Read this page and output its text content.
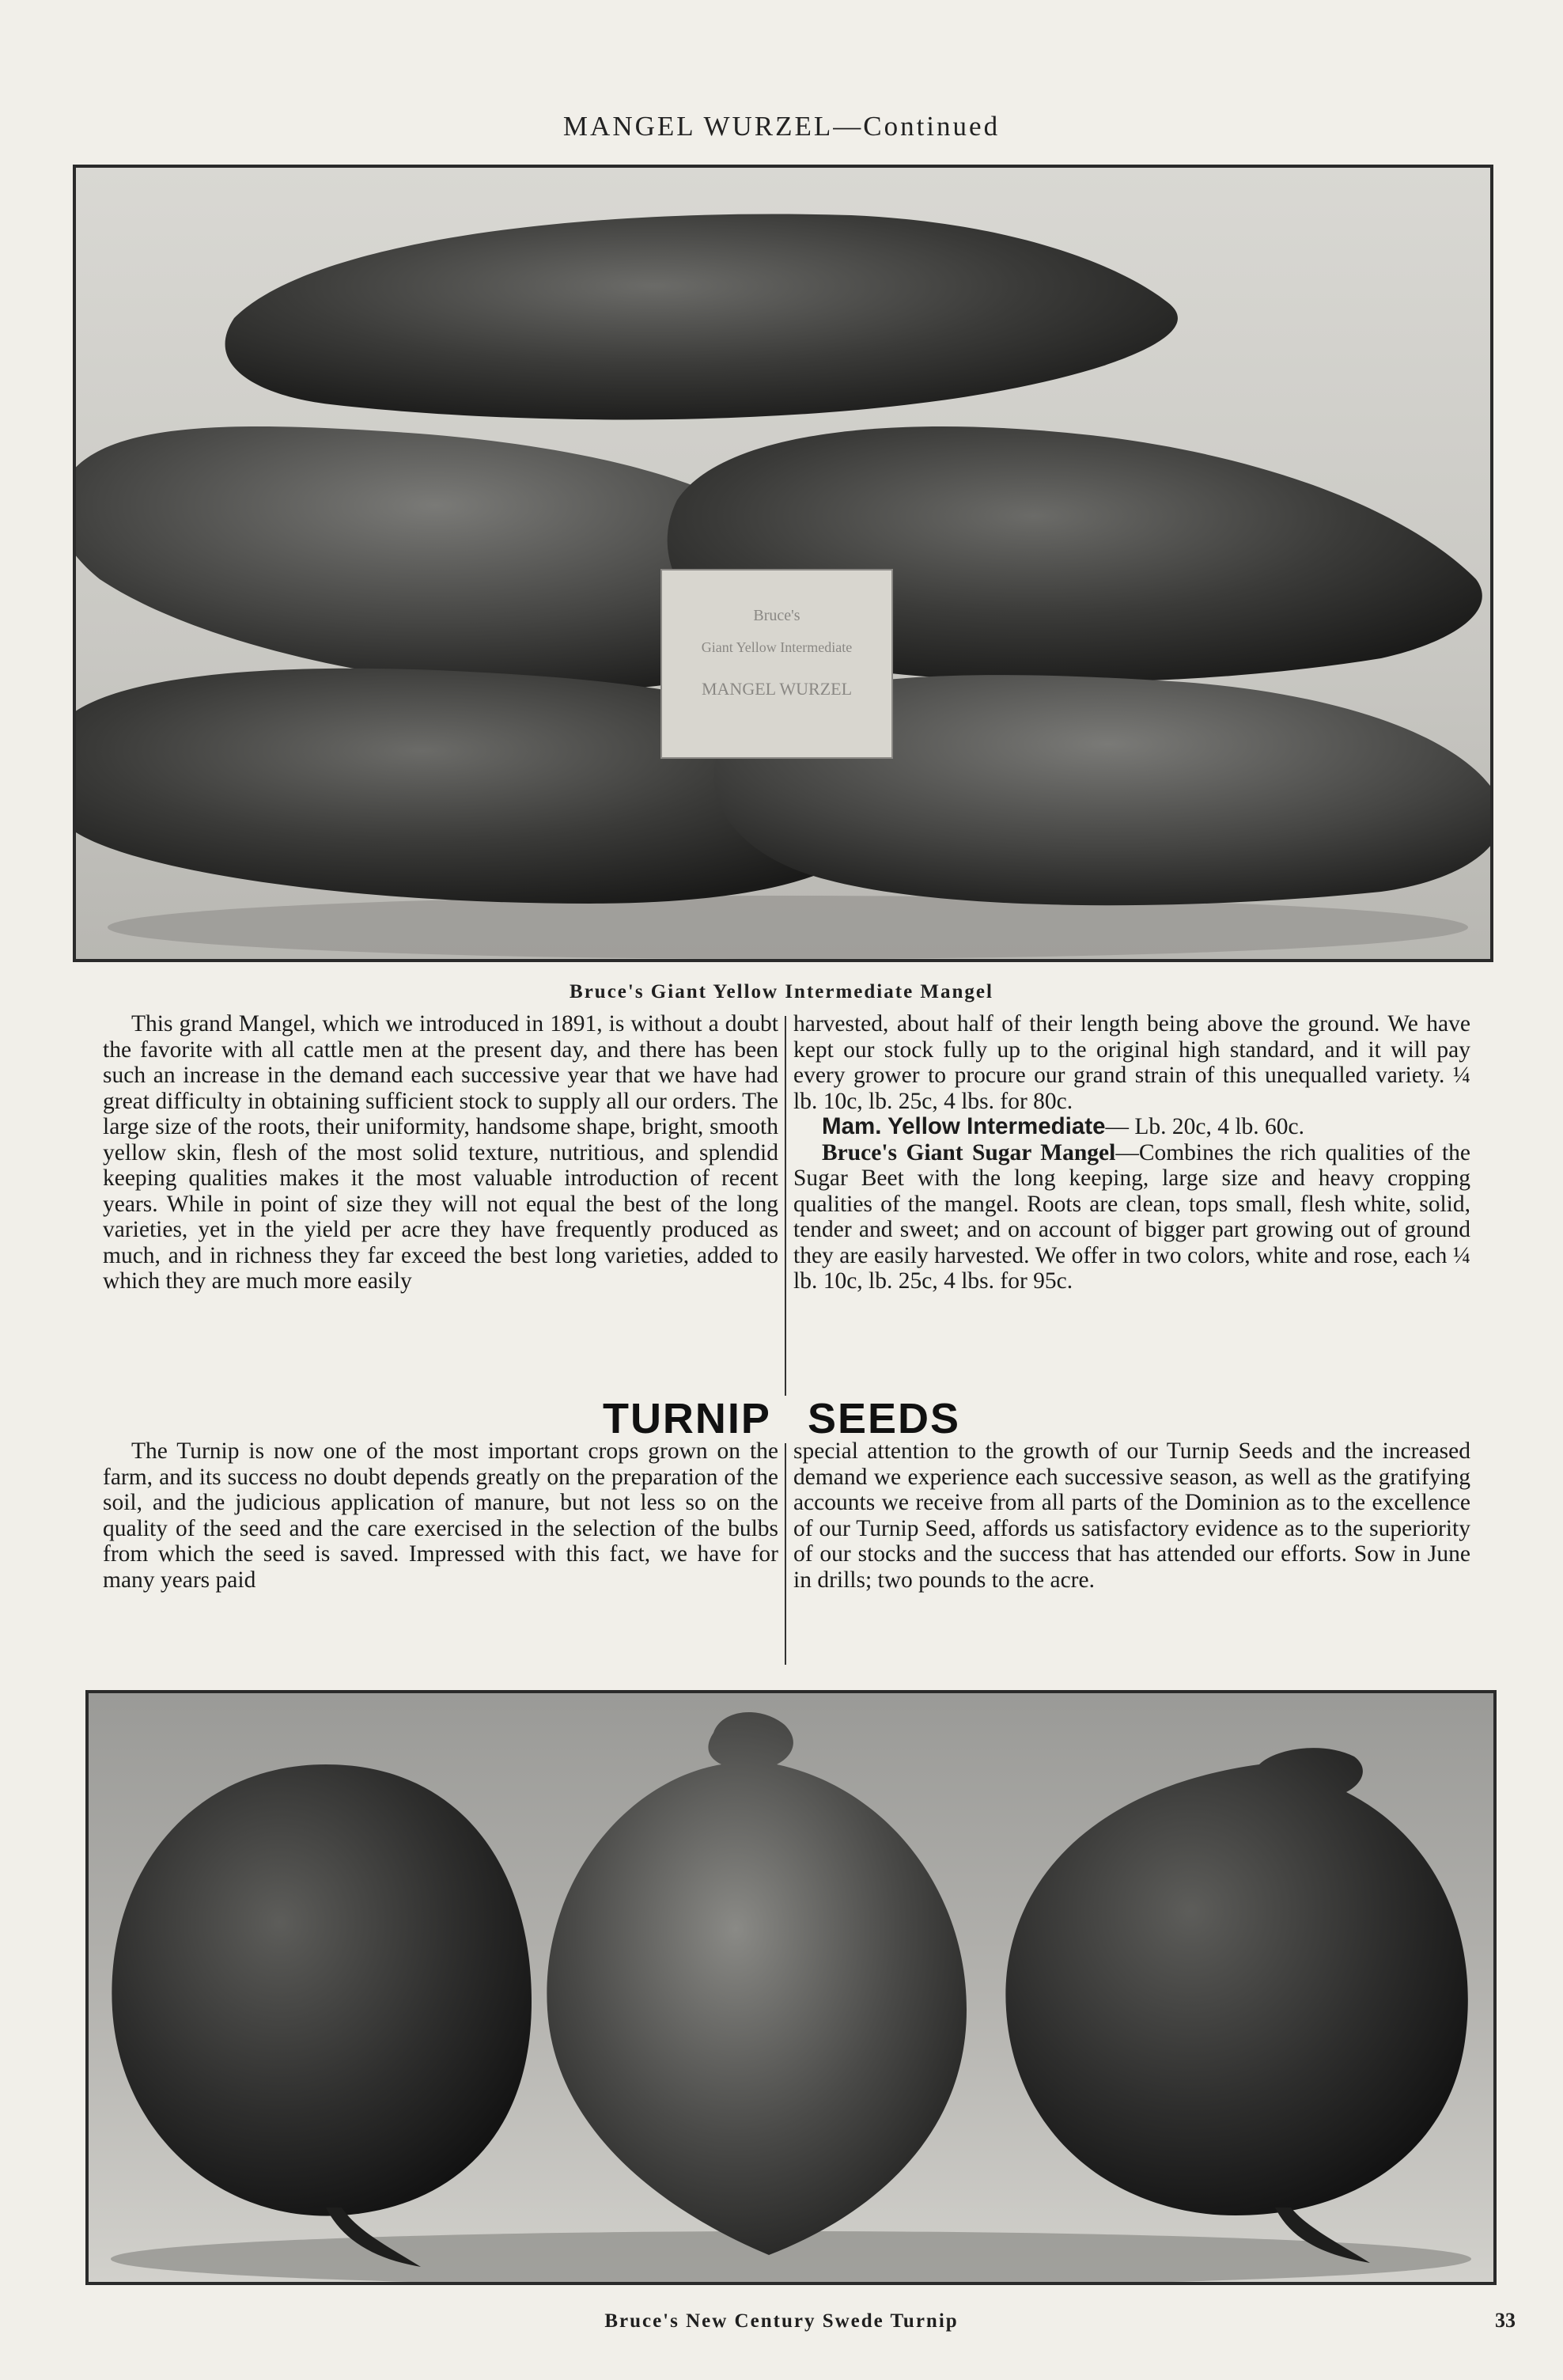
MANGEL WURZEL—Continued
Bruce's
Giant Yellow Intermediate
MANGEL WURZEL
Bruce's Giant Yellow Intermediate Mangel

This grand Mangel, which we introduced in 1891, is without a doubt the favorite with all cattle men at the present day, and there has been such an increase in the demand each successive year that we have had great difficulty in obtaining sufficient stock to supply all our orders. The large size of the roots, their uniformity, handsome shape, bright, smooth yellow skin, flesh of the most solid texture, nutritious, and splendid keeping qualities makes it the most valuable introduction of recent years. While in point of size they will not equal the best of the long varieties, yet in the yield per acre they have frequently produced as much, and in richness they far exceed the best long varieties, added to which they are much more easily

harvested, about half of their length being above the ground. We have kept our stock fully up to the original high standard, and it will pay every grower to procure our grand strain of this unequalled variety. ¼ lb. 10c, lb. 25c, 4 lbs. for 80c.

Mam. Yellow Intermediate— Lb. 20c, 4 lb. 60c.

Bruce's Giant Sugar Mangel—Combines the rich qualities of the Sugar Beet with the long keeping, large size and heavy cropping qualities of the mangel. Roots are clean, tops small, flesh white, solid, tender and sweet; and on account of bigger part growing out of ground they are easily harvested. We offer in two colors, white and rose, each ¼ lb. 10c, lb. 25c, 4 lbs. for 95c.

TURNIP SEEDS

The Turnip is now one of the most important crops grown on the farm, and its success no doubt depends greatly on the preparation of the soil, and the judicious application of manure, but not less so on the quality of the seed and the care exercised in the selection of the bulbs from which the seed is saved. Impressed with this fact, we have for many years paid

special attention to the growth of our Turnip Seeds and the increased demand we experience each successive season, as well as the gratifying accounts we receive from all parts of the Dominion as to the excellence of our Turnip Seed, affords us satisfactory evidence as to the superiority of our stocks and the success that has attended our efforts. Sow in June in drills; two pounds to the acre.

Bruce's New Century Swede Turnip	33
